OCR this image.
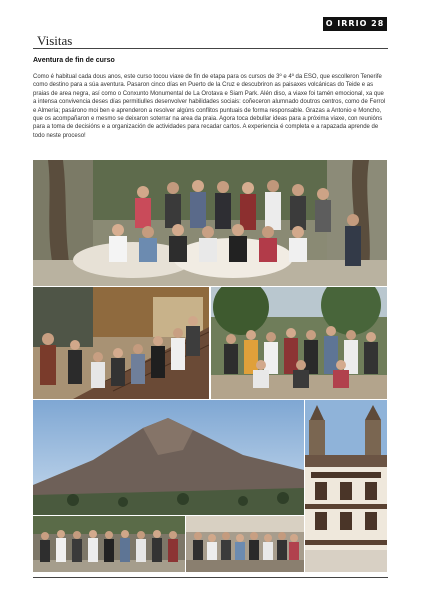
O IRRIO 28
Visitas
Aventura de fin de curso
Como é habitual cada dous anos, este curso tocou viaxe de fin de etapa para os cursos de 3º e 4º da ESO, que escolleron Tenerife como destino para a súa aventura. Pasaron cinco días en Puerto de la Cruz e descubriron as paisaxes volcánicas do Teide e as praias de area negra, así como o Conxunto Monumental de La Orotava e Siam Park. Alén diso, a viaxe foi tamén emocional, xa que a intensa convivencia deses días permitiulles desenvolver habilidades sociais: coñeceron alumnado doutros centros, como de Ferrol e Almería; pasárono moi ben e aprenderon a resolver algúns conflitos puntuais de forma responsable. Grazas a Antonio e Moncho, que os acompañaron e mesmo se deixaron soterrar na area da praia. Agora toca debullar ideas para a próxima viaxe, con reunións para a toma de decisións e a organización de actividades para recadar cartos. A experiencia é completa e a rapazada aprende de todo neste proceso!
